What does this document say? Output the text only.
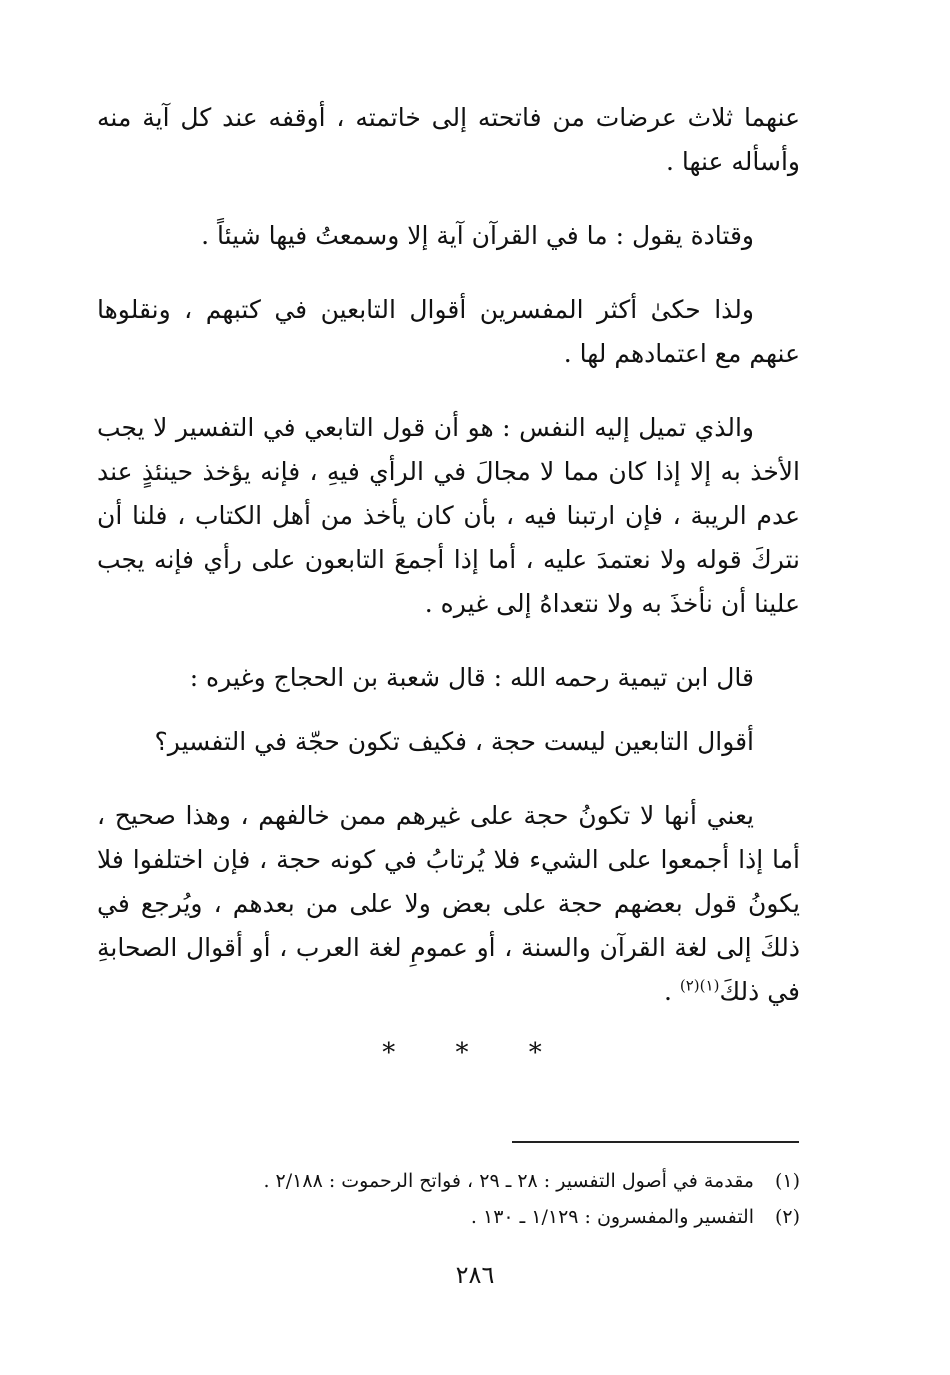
عنهما ثلاث عرضات من فاتحته إلى خاتمته ، أوقفه عند كل آية منه وأسأله عنها .

وقتادة يقول : ما في القرآن آية إلا وسمعتُ فيها شيئاً .

ولذا حكىٰ أكثر المفسرين أقوال التابعين في كتبهم ، ونقلوها عنهم مع اعتمادهم لها .

والذي تميل إليه النفس : هو أن قول التابعي في التفسير لا يجب الأخذ به إلا إذا كان مما لا مجالَ في الرأي فيهِ ، فإنه يؤخذ حينئذٍ عند عدم الريبة ، فإن ارتبنا فيه ، بأن كان يأخذ من أهل الكتاب ، فلنا أن نتركَ قوله ولا نعتمدَ عليه ، أما إذا أجمعَ التابعون على رأي فإنه يجب علينا أن نأخذَ به ولا نتعداهُ إلى غيره .

قال ابن تيمية رحمه الله : قال شعبة بن الحجاج وغيره :

أقوال التابعين ليست حجة ، فكيف تكون حجّة في التفسير؟

يعني أنها لا تكونُ حجة على غيرهم ممن خالفهم ، وهذا صحيح ، أما إذا أجمعوا على الشيء فلا يُرتابُ في كونه حجة ، فإن اختلفوا فلا يكونُ قول بعضهم حجة على بعض ولا على من بعدهم ، ويُرجع في ذلكَ إلى لغة القرآن والسنة ، أو عمومِ لغة العرب ، أو أقوال الصحابةِ في ذلكَ$^{(١)(٢)}$ .

* * *
(١)مقدمة في أصول التفسير : ٢٨ ـ ٢٩ ، فواتح الرحموت : ٢/١٨٨ .
(٢)التفسير والمفسرون : ١/١٢٩ ـ ١٣٠ .
٢٨٦
